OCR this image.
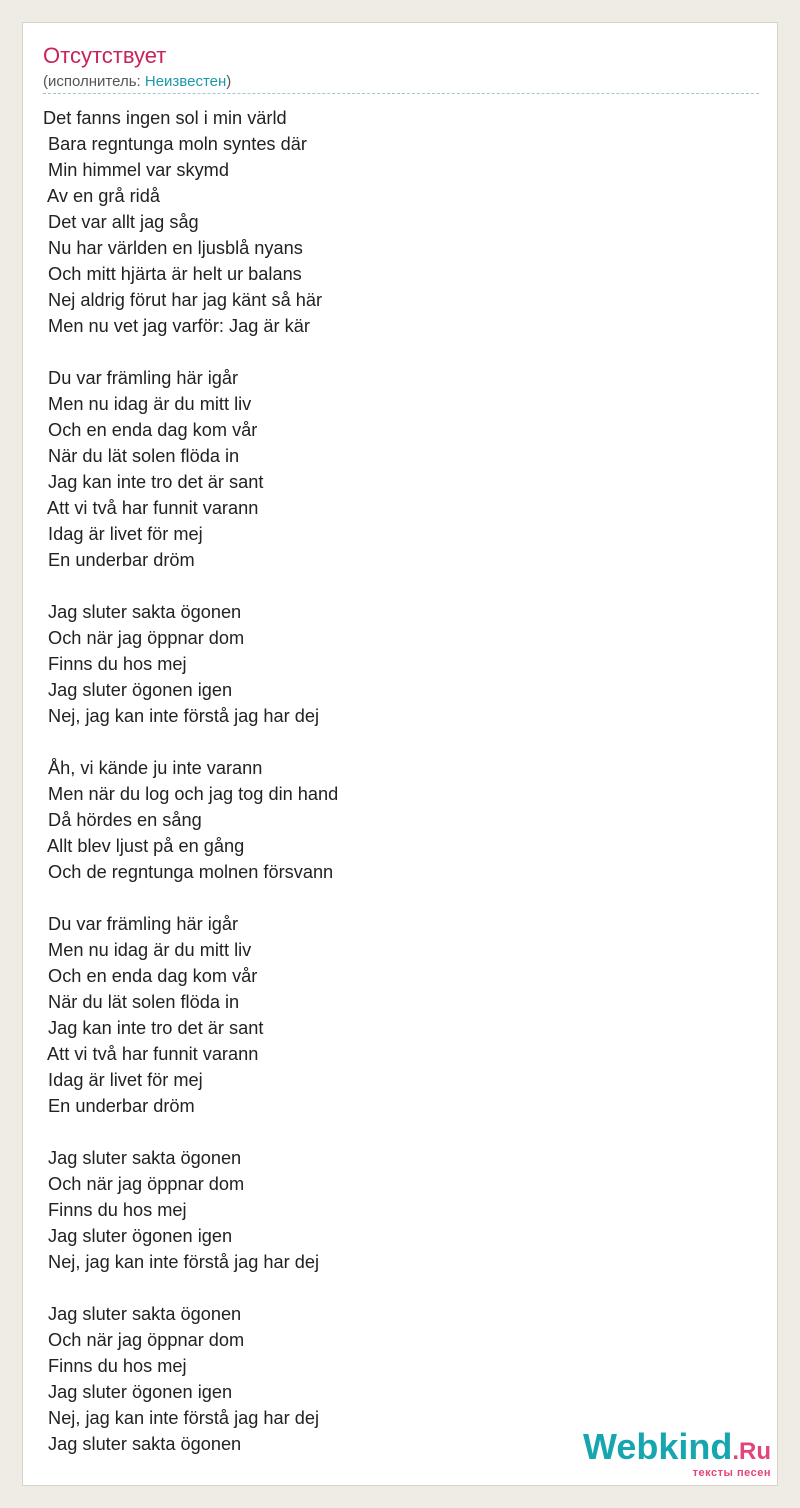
Отсутствует
(исполнитель: Неизвестен)
Det fanns ingen sol i min värld
Bara regntunga moln syntes där
Min himmel var skymd
Av en grå ridå
Det var allt jag såg
Nu har världen en ljusblå nyans
Och mitt hjärta är helt ur balans
Nej aldrig förut har jag känt så här
Men nu vet jag varför: Jag är kär
Du var främling här igår
Men nu idag är du mitt liv
Och en enda dag kom vår
När du lät solen flöda in
Jag kan inte tro det är sant
Att vi två har funnit varann
Idag är livet för mej
En underbar dröm
Jag sluter sakta ögonen
Och när jag öppnar dom
Finns du hos mej
Jag sluter ögonen igen
Nej, jag kan inte förstå jag har dej
Åh, vi kände ju inte varann
Men när du log och jag tog din hand
Då hördes en sång
Allt blev ljust på en gång
Och de regntunga molnen försvann
Du var främling här igår
Men nu idag är du mitt liv
Och en enda dag kom vår
När du lät solen flöda in
Jag kan inte tro det är sant
Att vi två har funnit varann
Idag är livet för mej
En underbar dröm
Jag sluter sakta ögonen
Och när jag öppnar dom
Finns du hos mej
Jag sluter ögonen igen
Nej, jag kan inte förstå jag har dej
Jag sluter sakta ögonen
Och när jag öppnar dom
Finns du hos mej
Jag sluter ögonen igen
Nej, jag kan inte förstå jag har dej
Jag sluter sakta ögonen	Webkind.Ru
тексты песен
